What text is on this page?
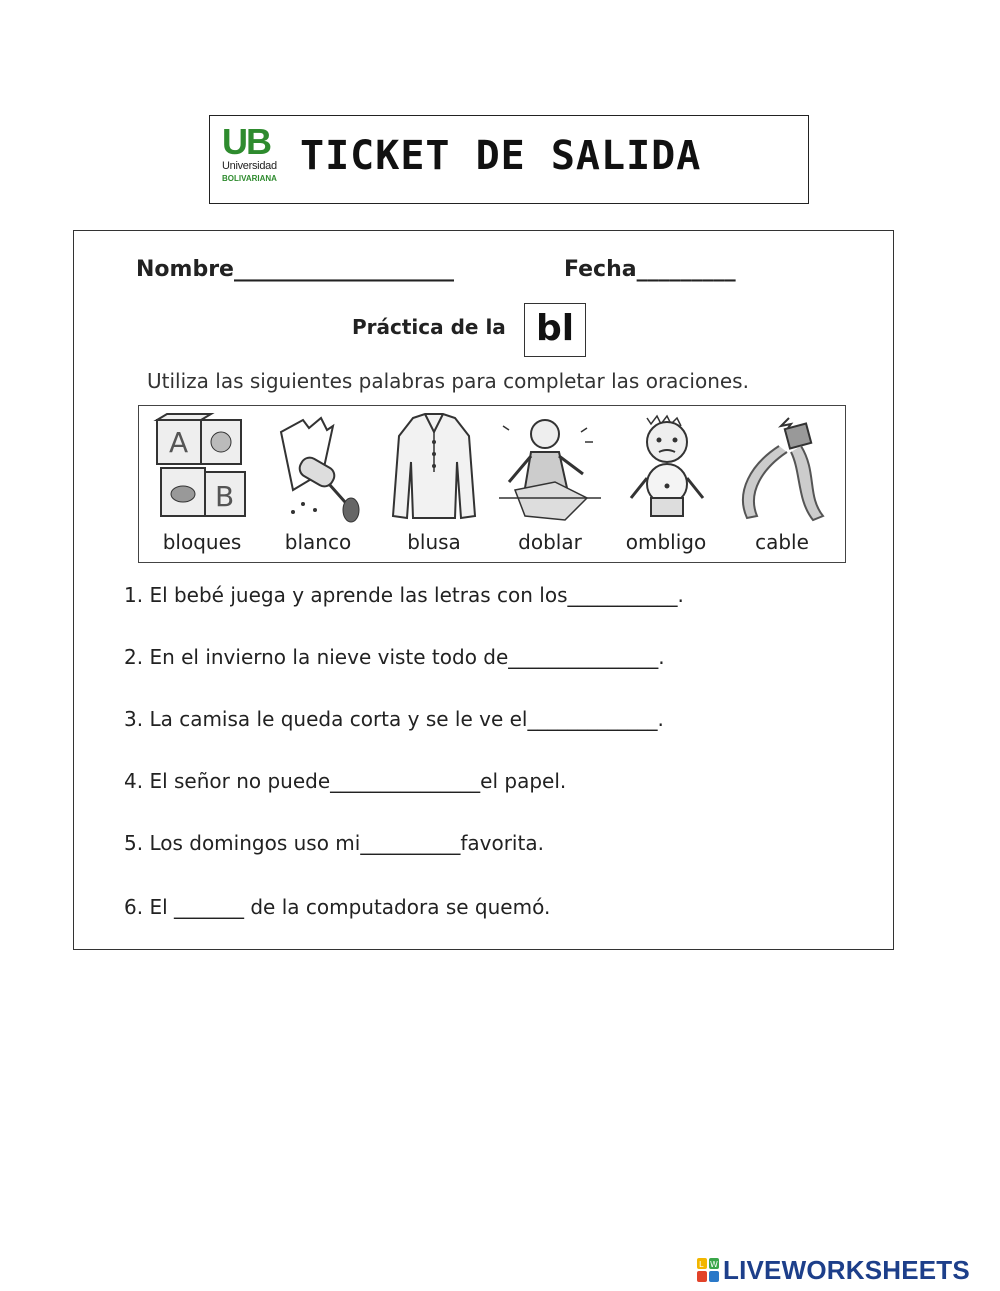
UB
Universidad
BOLIVARIANA TICKET DE SALIDA
Nombre____________________	Fecha_________
Práctica de la bl
Utiliza las siguientes palabras para completar las oraciones.
A
B
bloques	blanco	blusa	doblar	ombligo	cable
1. El bebé juega y aprende las letras con los___________.
2. En el invierno la nieve viste todo de_______________.
3. La camisa le queda corta y se le ve el_____________.
4. El señor no puede_______________el papel.
5. Los domingos uso mi__________favorita.
6. El _______ de la computadora se quemó.
L W LIVEWORKSHEETS
